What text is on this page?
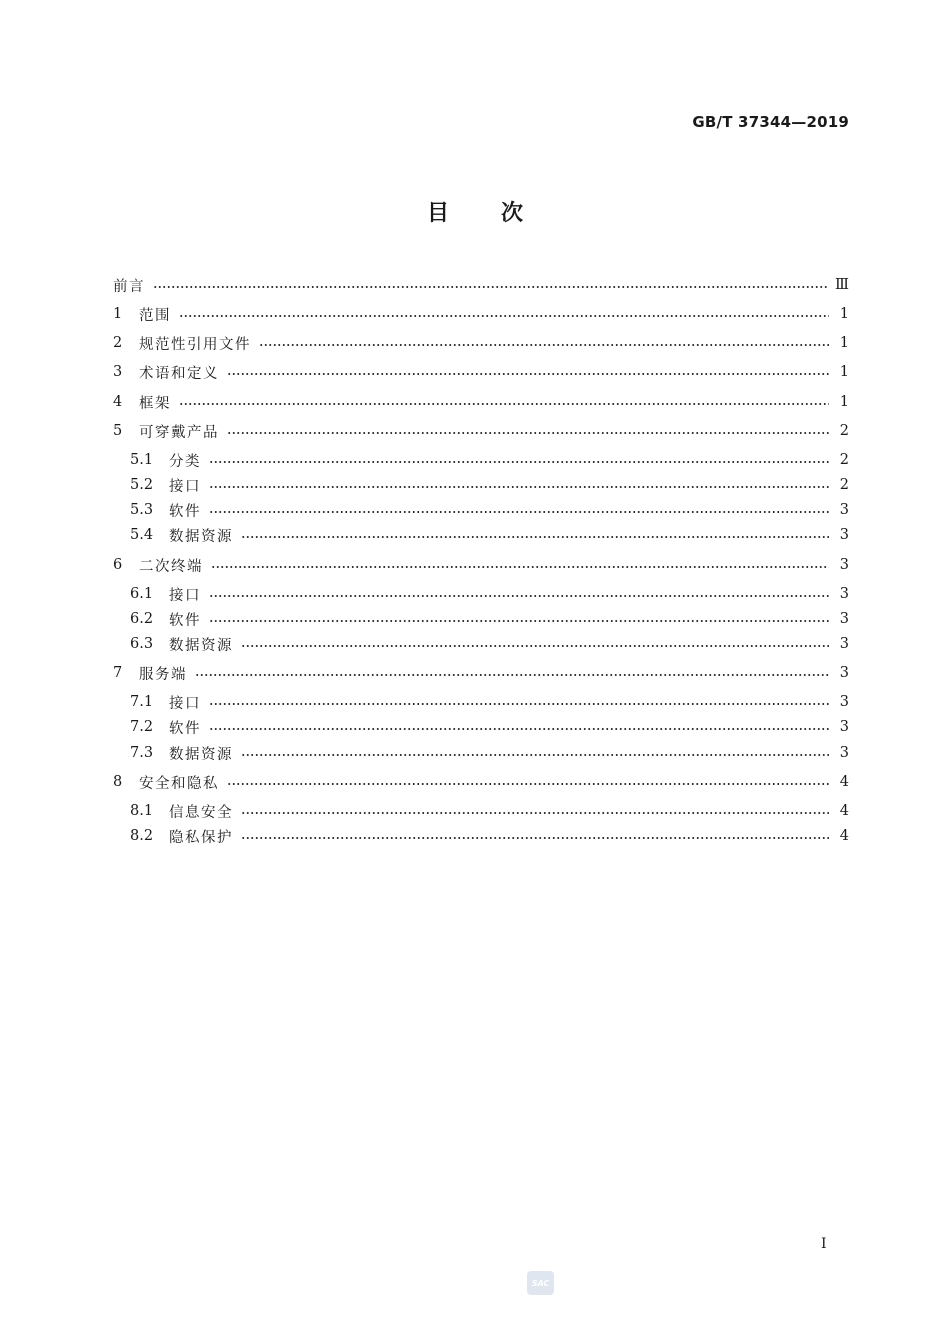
GB/T 37344—2019
目次
前言	Ⅲ
1	范围	1
2	规范性引用文件	1
3	术语和定义	1
4	框架	1
5	可穿戴产品	2
5.1	分类	2
5.2	接口	2
5.3	软件	3
5.4	数据资源	3
6	二次终端	3
6.1	接口	3
6.2	软件	3
6.3	数据资源	3
7	服务端	3
7.1	接口	3
7.2	软件	3
7.3	数据资源	3
8	安全和隐私	4
8.1	信息安全	4
8.2	隐私保护	4
I
SAC
